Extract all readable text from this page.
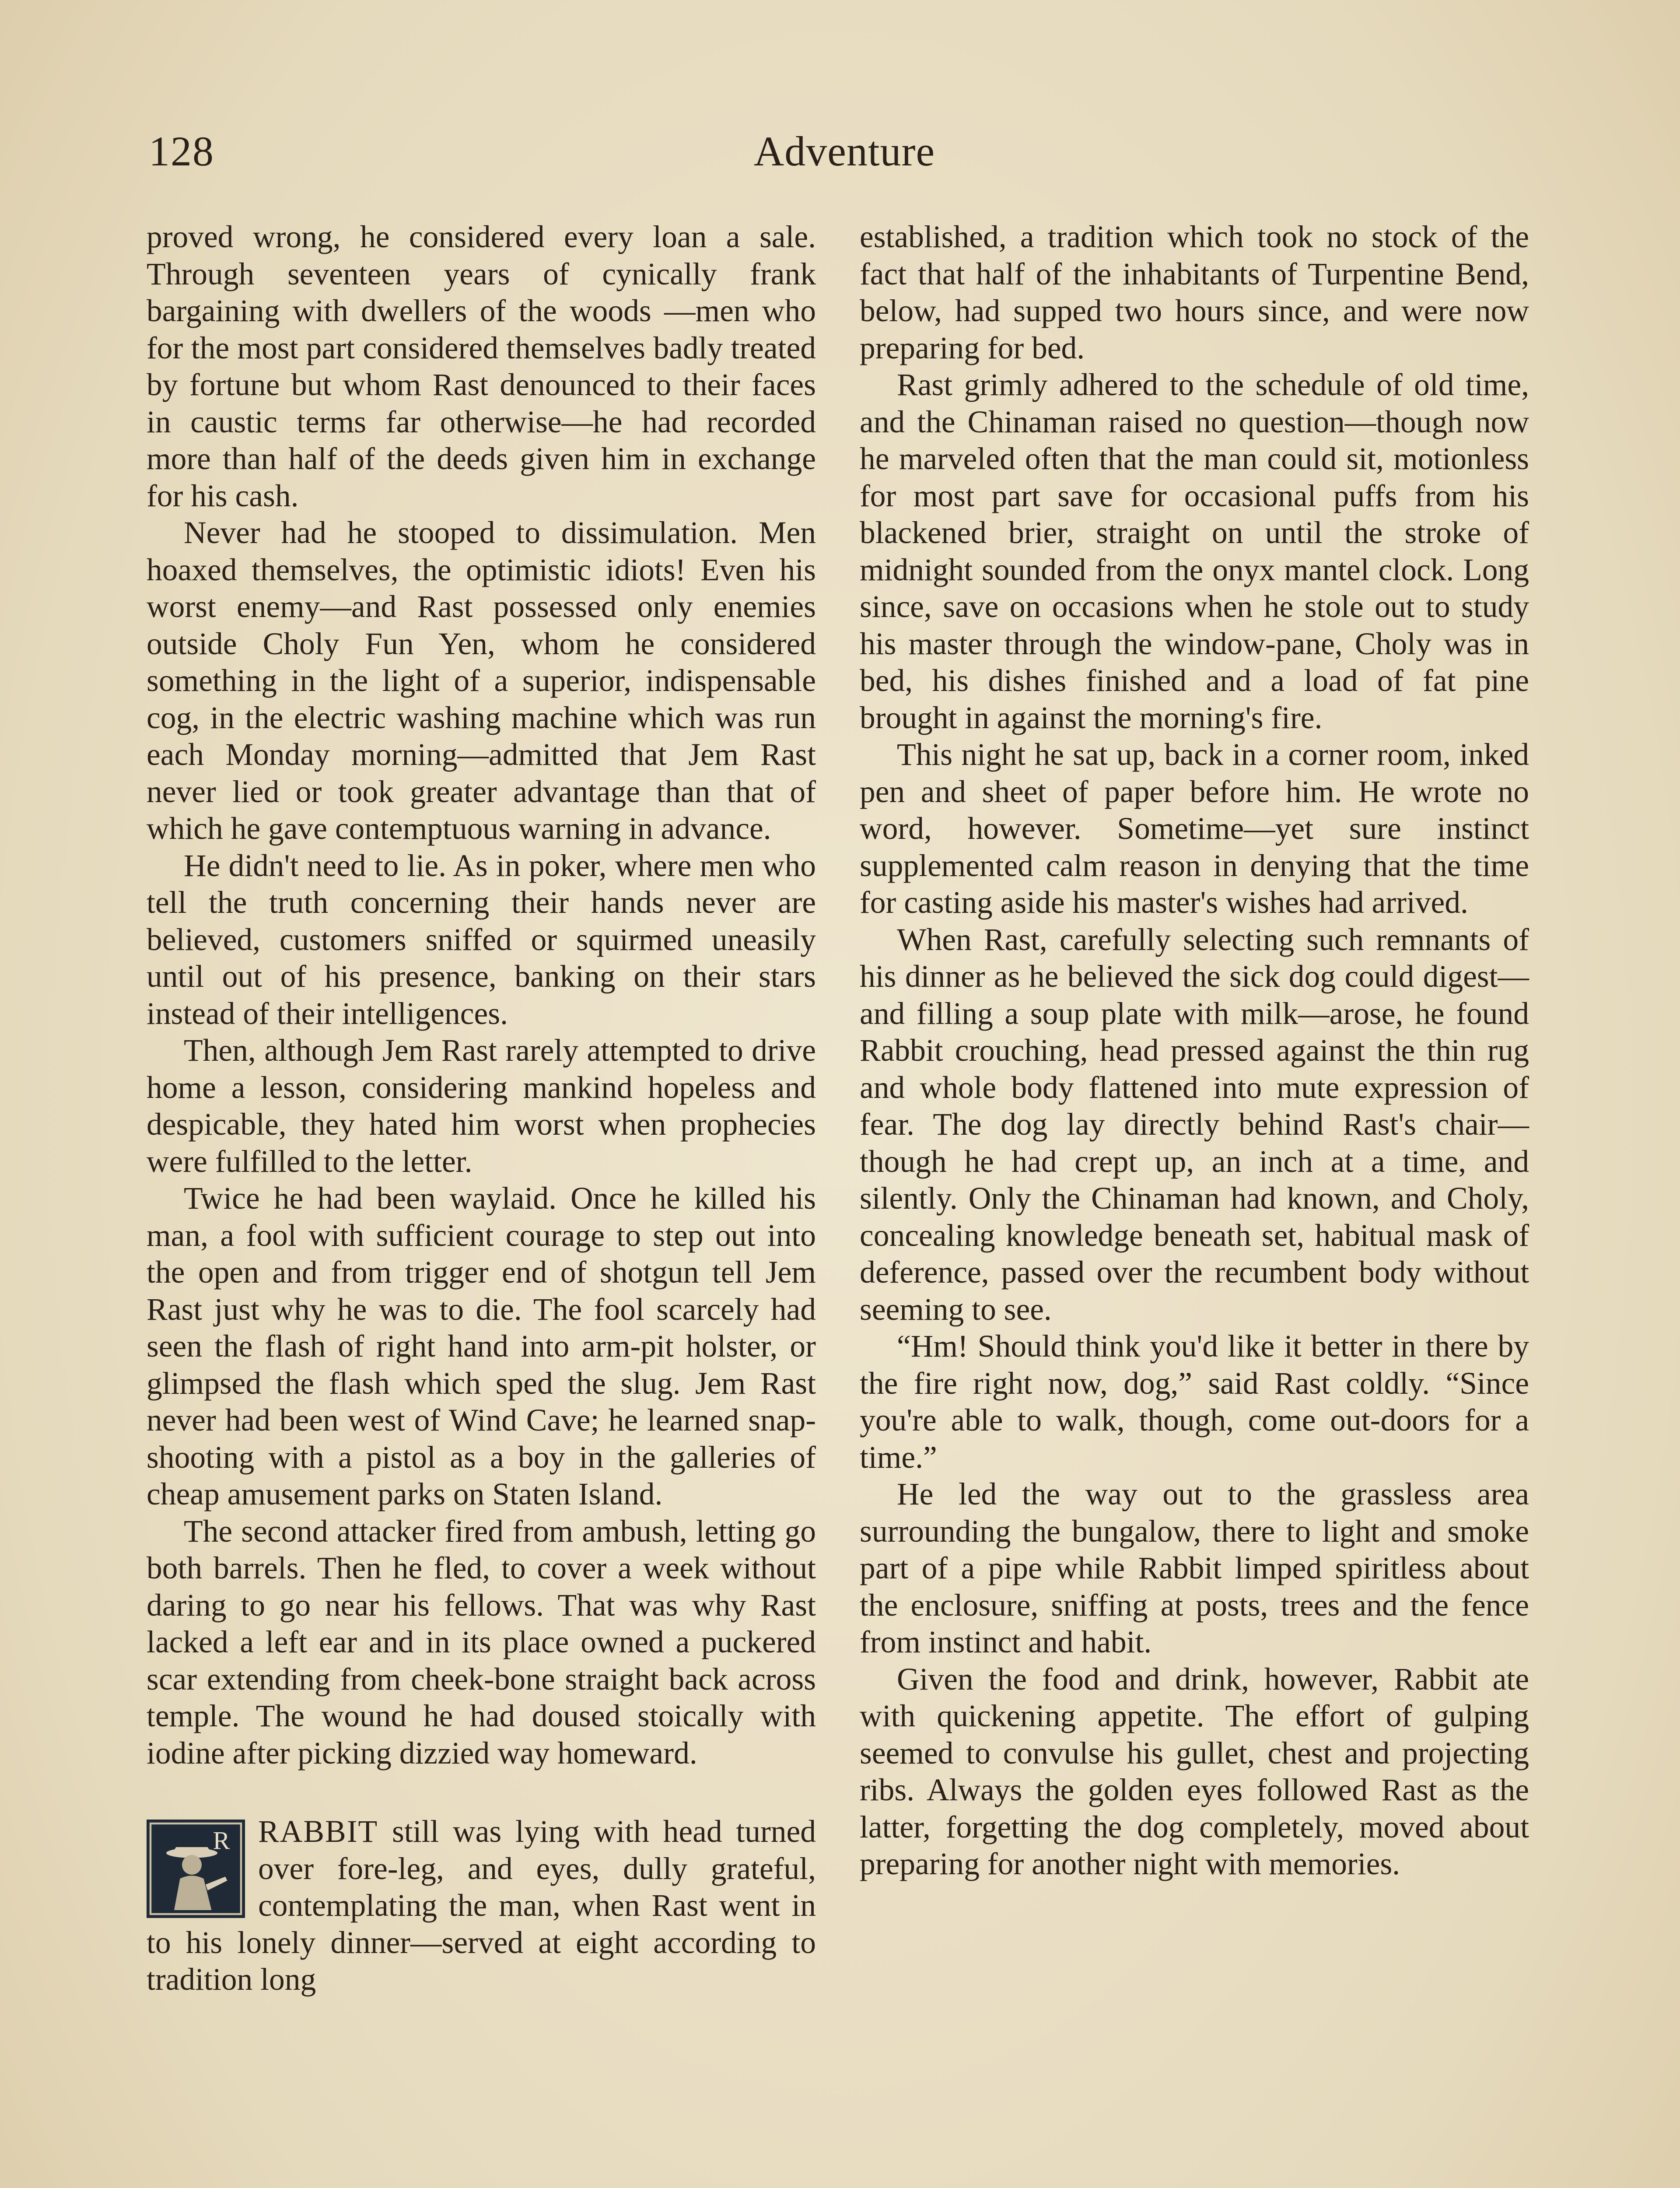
128	Adventure

proved wrong, he considered every loan a sale. Through seventeen years of cynically frank bargaining with dwellers of the woods —men who for the most part considered themselves badly treated by fortune but whom Rast denounced to their faces in caustic terms far otherwise—he had recorded more than half of the deeds given him in exchange for his cash.

Never had he stooped to dissimulation. Men hoaxed themselves, the optimistic idiots! Even his worst enemy—and Rast possessed only enemies outside Choly Fun Yen, whom he considered something in the light of a superior, indispensable cog, in the electric washing machine which was run each Monday morning—admitted that Jem Rast never lied or took greater advantage than that of which he gave contemptuous warning in advance.

He didn't need to lie. As in poker, where men who tell the truth concerning their hands never are believed, customers sniffed or squirmed uneasily until out of his presence, banking on their stars instead of their intelligences.

Then, although Jem Rast rarely attempted to drive home a lesson, considering mankind hopeless and despicable, they hated him worst when prophecies were fulfilled to the letter.

Twice he had been waylaid. Once he killed his man, a fool with sufficient courage to step out into the open and from trigger end of shotgun tell Jem Rast just why he was to die. The fool scarcely had seen the flash of right hand into arm-pit holster, or glimpsed the flash which sped the slug. Jem Rast never had been west of Wind Cave; he learned snap-shooting with a pistol as a boy in the galleries of cheap amusement parks on Staten Island.

The second attacker fired from ambush, letting go both barrels. Then he fled, to cover a week without daring to go near his fellows. That was why Rast lacked a left ear and in its place owned a puckered scar extending from cheek-bone straight back across temple. The wound he had doused stoically with iodine after picking dizzied way homeward.

R RABBIT still was lying with head turned over fore-leg, and eyes, dully grateful, contemplating the man, when Rast went in to his lonely dinner—served at eight according to tradition long

established, a tradition which took no stock of the fact that half of the inhabitants of Turpentine Bend, below, had supped two hours since, and were now preparing for bed.

Rast grimly adhered to the schedule of old time, and the Chinaman raised no question—though now he marveled often that the man could sit, motionless for most part save for occasional puffs from his blackened brier, straight on until the stroke of midnight sounded from the onyx mantel clock. Long since, save on occasions when he stole out to study his master through the window-pane, Choly was in bed, his dishes finished and a load of fat pine brought in against the morning's fire.

This night he sat up, back in a corner room, inked pen and sheet of paper before him. He wrote no word, however. Sometime—yet sure instinct supplemented calm reason in denying that the time for casting aside his master's wishes had arrived.

When Rast, carefully selecting such remnants of his dinner as he believed the sick dog could digest—and filling a soup plate with milk—arose, he found Rabbit crouching, head pressed against the thin rug and whole body flattened into mute expression of fear. The dog lay directly behind Rast's chair—though he had crept up, an inch at a time, and silently. Only the Chinaman had known, and Choly, concealing knowledge beneath set, habitual mask of deference, passed over the recumbent body without seeming to see.

“Hm! Should think you'd like it better in there by the fire right now, dog,” said Rast coldly. “Since you're able to walk, though, come out-doors for a time.”

He led the way out to the grassless area surrounding the bungalow, there to light and smoke part of a pipe while Rabbit limped spiritless about the enclosure, sniffing at posts, trees and the fence from instinct and habit.

Given the food and drink, however, Rabbit ate with quickening appetite. The effort of gulping seemed to convulse his gullet, chest and projecting ribs. Always the golden eyes followed Rast as the latter, forgetting the dog completely, moved about preparing for another night with memories.
